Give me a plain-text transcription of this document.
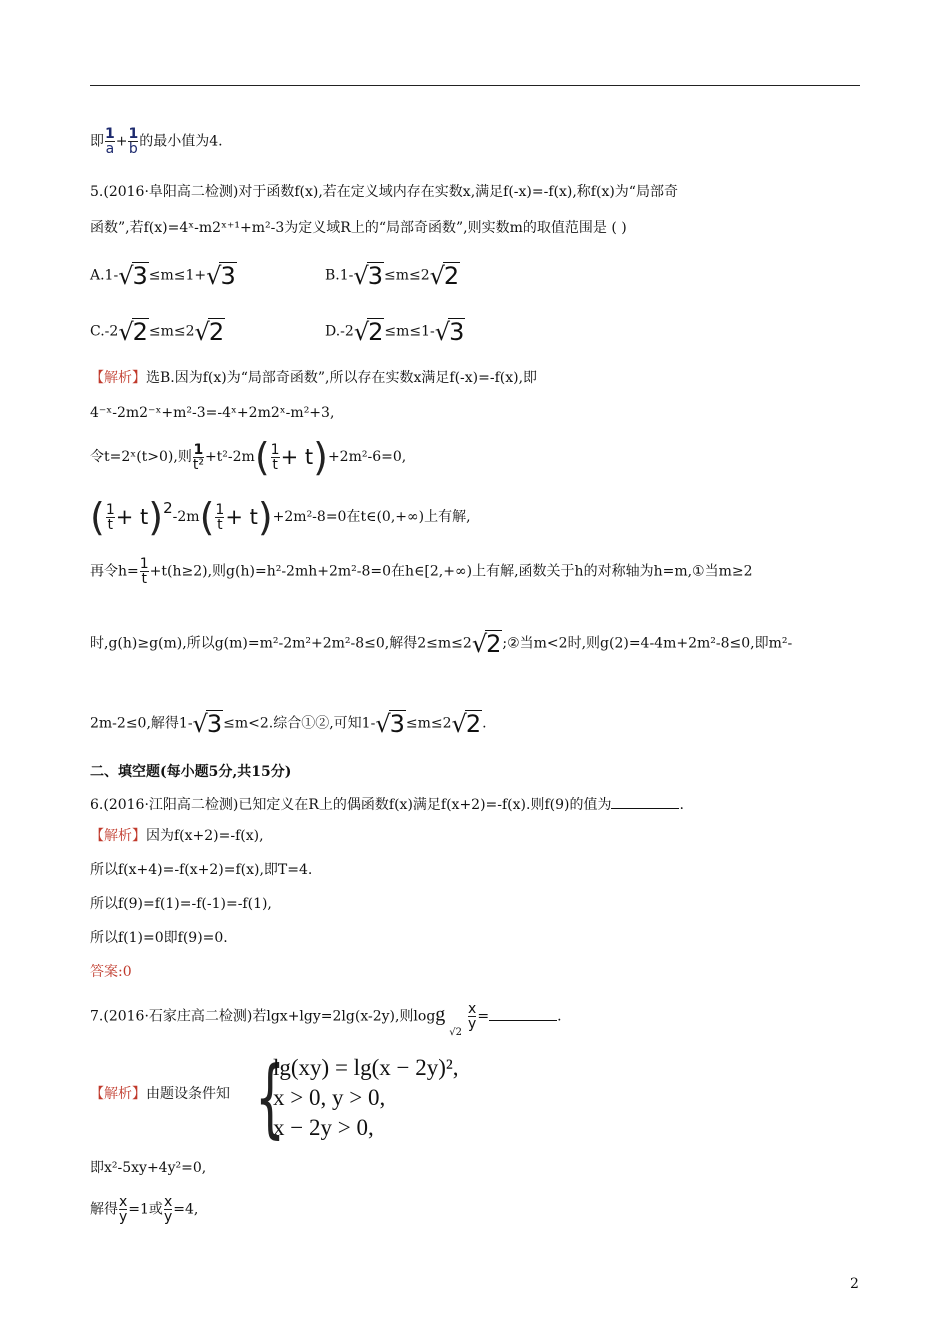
即 $\frac{1}{a} + \frac{1}{b}$ 的最小值为4.
5.(2016·阜阳高二检测)对于函数f(x),若在定义域内存在实数x,满足f(-x)=-f(x),称f(x)为“局部奇
函数”,若f(x)=4ˣ-m2ˣ⁺¹+m²-3为定义域R上的“局部奇函数”,则实数m的取值范围是 ( )
A.1-√3≤m≤1+√3	B.1-√3≤m≤2√2
C.-2√2≤m≤2√2	D.-2√2≤m≤1-√3
【解析】选B.因为f(x)为“局部奇函数”,所以存在实数x满足f(-x)=-f(x),即
4⁻ˣ-2m2⁻ˣ+m²-3=-4ˣ+2m2ˣ-m²+3,
令t=2ˣ(t>0),则 $\frac{1}{\text{t²}} +t^2-2m( \frac{1}{t} + t)+2m^2-6=0$,
( $\frac{1}{t} + t)2-2m( \frac{1}{t} + t)+2m^2-8=0$在t∈(0,+∞)上有解,
再令$h= \frac{1}{t} +t(h\ge 2)$,则g(h)=h²-2mh+2m²-8=0在h∈[2,+∞)上有解,函数关于h的对称轴为h=m,①当m≥2
时,g(h)≥g(m),所以g(m)=m²-2m²+2m²-8≤0,解得2≤m≤2√2;②当m<2时,则g(2)=4-4m+2m²-8≤0,即m²-
2m-2≤0,解得1-√3≤m<2.综合①②,可知1-√3≤m≤2√2.
二、填空题(每小题5分,共15分)
6.(2016·江阳高二检测)已知定义在R上的偶函数f(x)满足f(x+2)=-f(x).则f(9)的值为	.
【解析】因为f(x+2)=-f(x),
所以f(x+4)=-f(x+2)=f(x),即T=4.
所以f(9)=f(1)=-f(-1)=-f(1),
所以f(1)=0即f(9)=0.
答案:0
7.(2016·石家庄高二检测)若lgx+lgy=2lg(x-2y),则logg$_{√2}$
$\frac{x}{y}$ =	.
【解析】由题设条件知 {
lg(xy) = lg(x − 2y)²,
x > 0, y > 0,
x − 2y > 0,
即x²-5xy+4y²=0,
解得 $\frac{x}{y} =1$或 $\frac{x}{y} =4$,
2
